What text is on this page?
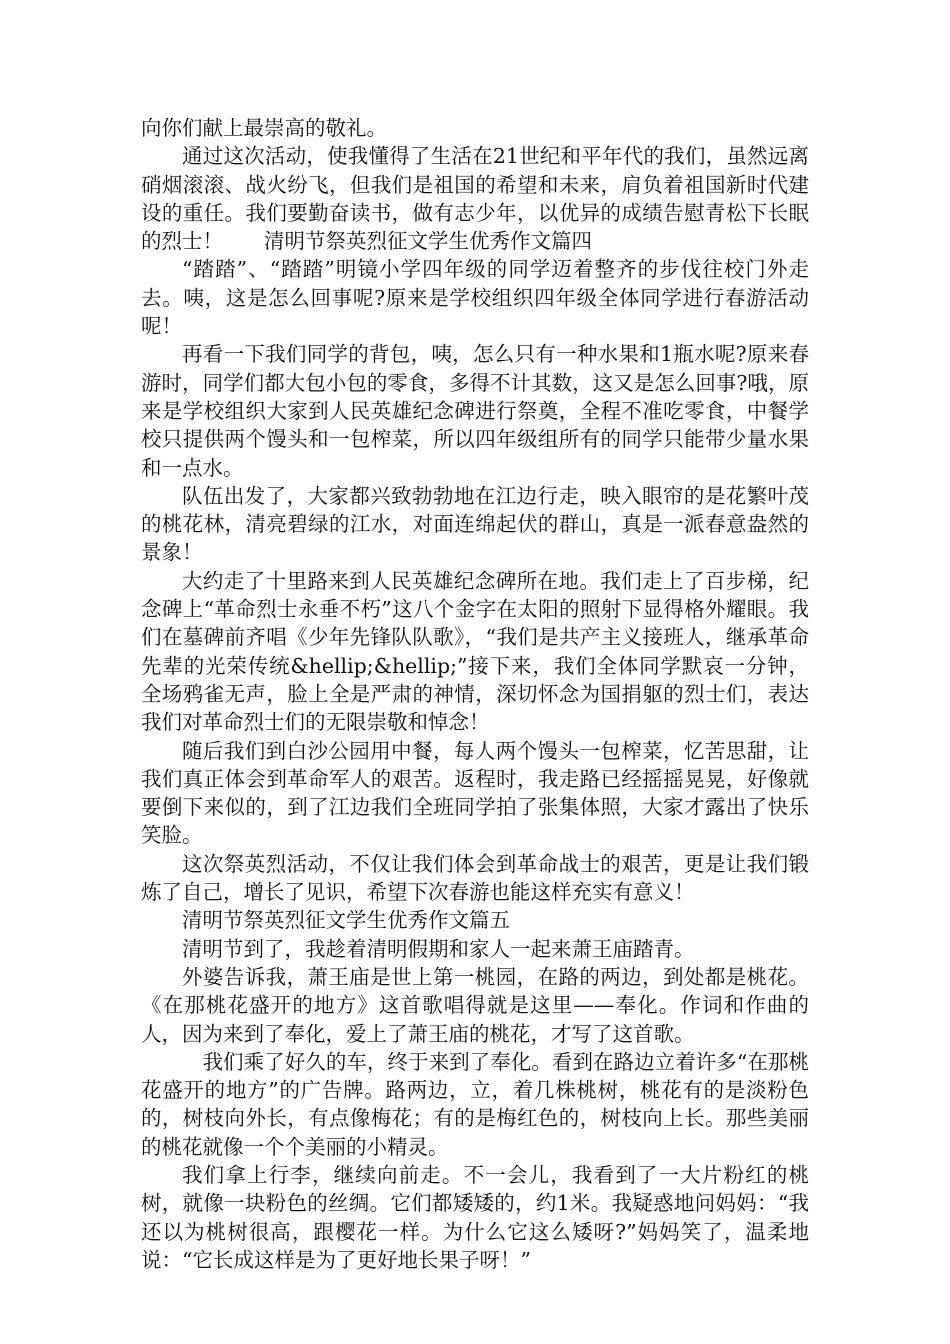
向你们献上最崇高的敬礼。

通过这次活动，使我懂得了生活在21世纪和平年代的我们，虽然远离硝烟滚滚、战火纷飞，但我们是祖国的希望和未来，肩负着祖国新时代建设的重任。我们要勤奋读书，做有志少年，以优异的成绩告慰青松下长眠的烈士！　　清明节祭英烈征文学生优秀作文篇四

“踏踏”、“踏踏”明镜小学四年级的同学迈着整齐的步伐往校门外走去。咦，这是怎么回事呢?原来是学校组织四年级全体同学进行春游活动呢！

再看一下我们同学的背包，咦，怎么只有一种水果和1瓶水呢?原来春游时，同学们都大包小包的零食，多得不计其数，这又是怎么回事?哦，原来是学校组织大家到人民英雄纪念碑进行祭奠，全程不准吃零食，中餐学校只提供两个馒头和一包榨菜，所以四年级组所有的同学只能带少量水果和一点水。

队伍出发了，大家都兴致勃勃地在江边行走，映入眼帘的是花繁叶茂的桃花林，清亮碧绿的江水，对面连绵起伏的群山，真是一派春意盎然的景象！

大约走了十里路来到人民英雄纪念碑所在地。我们走上了百步梯，纪念碑上“革命烈士永垂不朽”这八个金字在太阳的照射下显得格外耀眼。我们在墓碑前齐唱《少年先锋队队歌》，“我们是共产主义接班人，继承革命先辈的光荣传统&hellip;&hellip;”接下来，我们全体同学默哀一分钟，全场鸦雀无声，脸上全是严肃的神情，深切怀念为国捐躯的烈士们，表达我们对革命烈士们的无限崇敬和悼念！

随后我们到白沙公园用中餐，每人两个馒头一包榨菜，忆苦思甜，让我们真正体会到革命军人的艰苦。返程时，我走路已经摇摇晃晃，好像就要倒下来似的，到了江边我们全班同学拍了张集体照，大家才露出了快乐笑脸。

这次祭英烈活动，不仅让我们体会到革命战士的艰苦，更是让我们锻炼了自己，增长了见识，希望下次春游也能这样充实有意义！

清明节祭英烈征文学生优秀作文篇五

清明节到了，我趁着清明假期和家人一起来萧王庙踏青。

外婆告诉我，萧王庙是世上第一桃园，在路的两边，到处都是桃花。《在那桃花盛开的地方》这首歌唱得就是这里——奉化。作词和作曲的人，因为来到了奉化，爱上了萧王庙的桃花，才写了这首歌。

我们乘了好久的车，终于来到了奉化。看到在路边立着许多“在那桃花盛开的地方”的广告牌。路两边，立，着几株桃树，桃花有的是淡粉色的，树枝向外长，有点像梅花；有的是梅红色的，树枝向上长。那些美丽的桃花就像一个个美丽的小精灵。

我们拿上行李，继续向前走。不一会儿，我看到了一大片粉红的桃树，就像一块粉色的丝绸。它们都矮矮的，约1米。我疑惑地问妈妈：“我还以为桃树很高，跟樱花一样。为什么它这么矮呀?”妈妈笑了，温柔地说：“它长成这样是为了更好地长果子呀！”
